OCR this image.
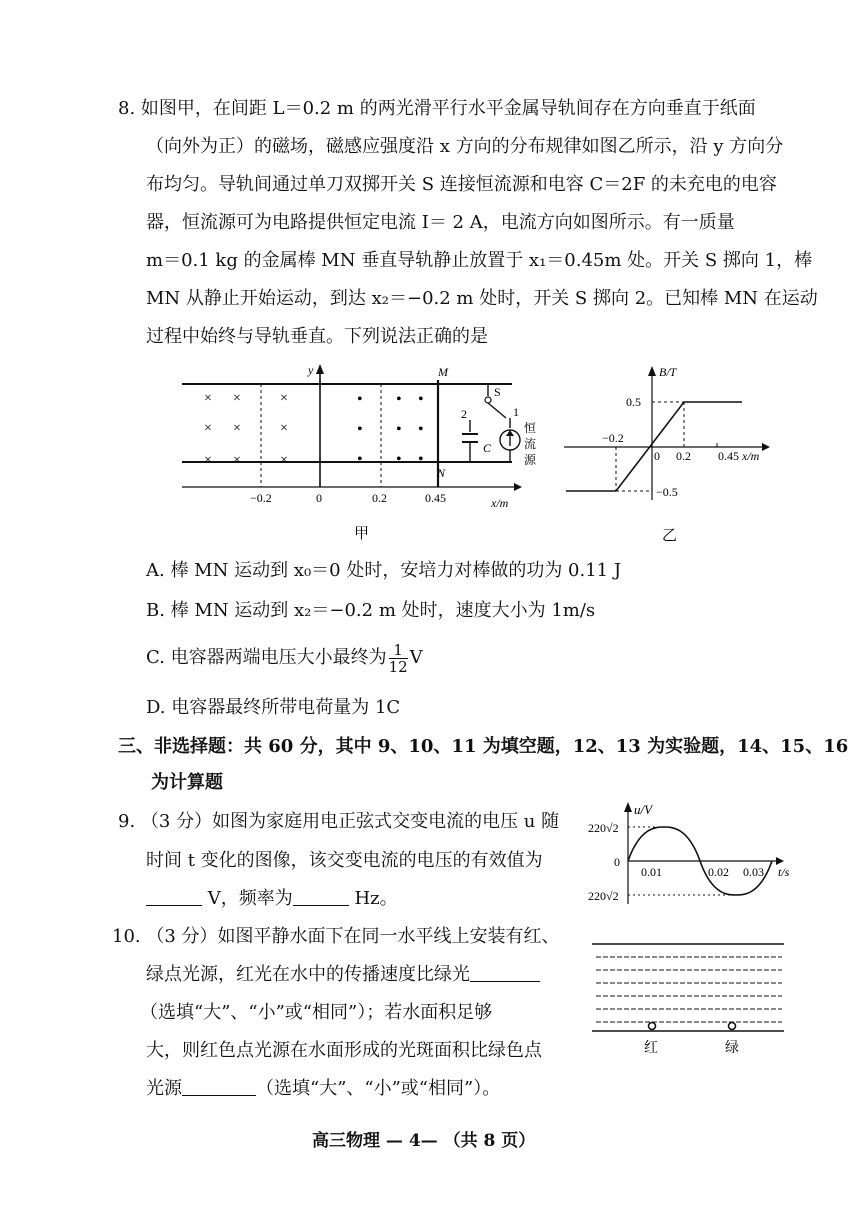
8. 如图甲，在间距 L＝0.2 m 的两光滑平行水平金属导轨间存在方向垂直于纸面
（向外为正）的磁场，磁感应强度沿 x 方向的分布规律如图乙所示，沿 y 方向分
布均匀。导轨间通过单刀双掷开关 S 连接恒流源和电容 C＝2F 的未充电的电容
器，恒流源可为电路提供恒定电流 I＝ 2 A，电流方向如图所示。有一质量
m＝0.1 kg 的金属棒 MN 垂直导轨静止放置于 x₁＝0.45m 处。开关 S 掷向 1，棒
MN 从静止开始运动，到达 x₂＝−0.2 m 处时，开关 S 掷向 2。已知棒 MN 在运动
过程中始终与导轨垂直。下列说法正确的是
y	M
N
× ×	×
× ×	×
× ×	×
• • •
• • •
• • •
S
2
C
1
恒
流
源
−0.2	0	0.2	0.45	x/m
甲
B/T
0.5
−0.5
−0.2
0 0.2 0.45 x/m
乙
A. 棒 MN 运动到 x₀＝0 处时，安培力对棒做的功为 0.11 J
B. 棒 MN 运动到 x₂＝−0.2 m 处时，速度大小为 1m/s
C. 电容器两端电压大小最终为 $\frac{1}{12}$ V
D. 电容器最终所带电荷量为 1C
三、非选择题：共 60 分，其中 9、10、11 为填空题，12、13 为实验题，14、15、16
为计算题
9. （3 分）如图为家庭用电正弦式交变电流的电压 u 随
时间 t 变化的图像，该交变电流的电压的有效值为
V，频率为	Hz。
u/V
220√2
0
220√2
0.01	0.02 0.03 t/s
10. （3 分）如图平静水面下在同一水平线上安装有红、
绿点光源，红光在水中的传播速度比绿光
（选填“大”、“小”或“相同”）；若水面积足够
大，则红色点光源在水面形成的光斑面积比绿色点
光源	（选填“大”、“小”或“相同”）。
红	绿
高三物理 — 4— （共 8 页）
